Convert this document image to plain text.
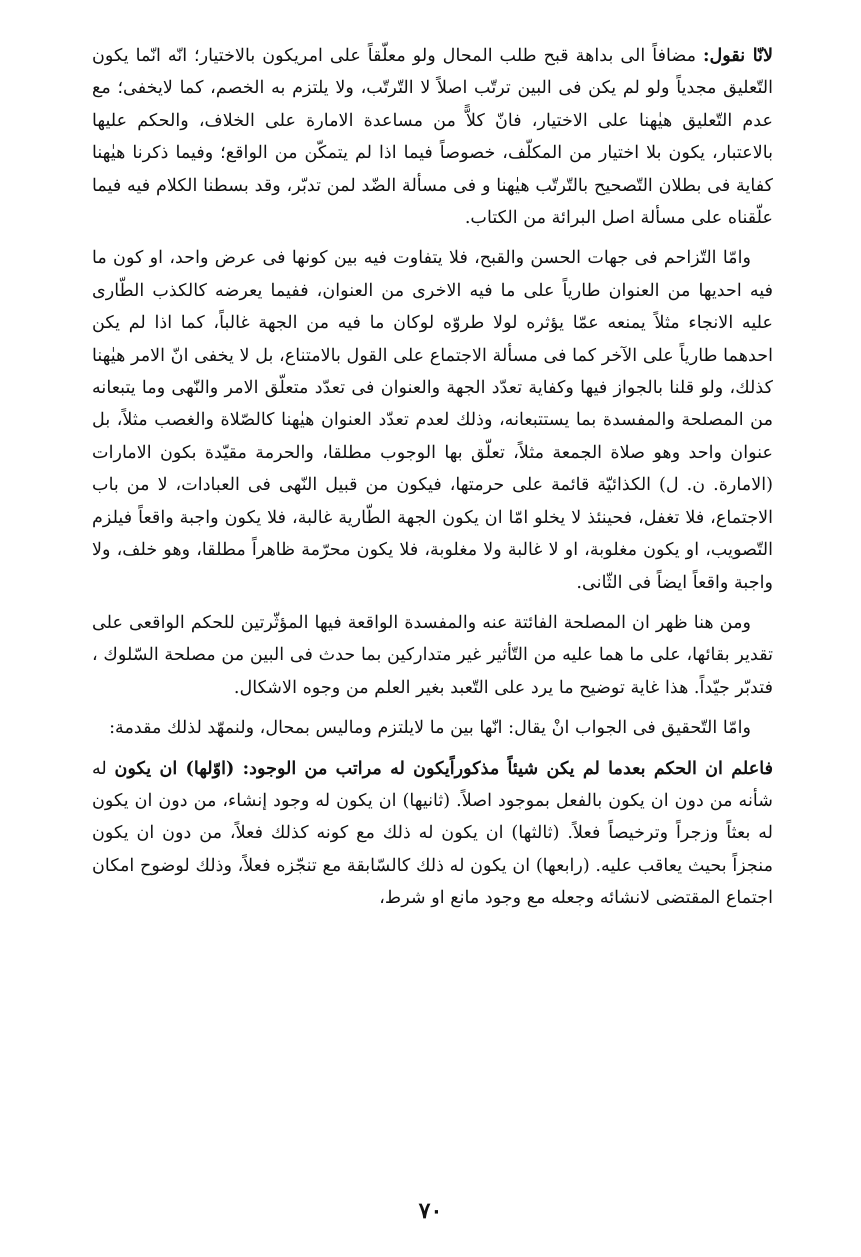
لانّا نقول: مضافاً الى بداهة قبح طلب المحال ولو معلّقاً على امريكون بالاختيار؛ انّه انّما يكون التّعليق مجدياً ولو لم يكن فى البين ترتّب اصلاً لا التّرتّب، ولا يلتزم به الخصم، كما لايخفى؛ مع عدم التّعليق هيٰهنا على الاختيار، فانّ كلاًّ من مساعدة الامارة على الخلاف، والحكم عليها بالاعتبار، يكون بلا اختيار من المكلّف، خصوصاً فيما اذا لم يتمكّن من الواقع؛ وفيما ذكرنا هيٰهنا كفاية فى بطلان التّصحيح بالتّرتّب هيٰهنا و فى مسألة الضّد لمن تدبّر، وقد بسطنا الكلام فيه فيما علّقناه على مسألة اصل البرائة من الكتاب.

وامّا التّزاحم فى جهات الحسن والقبح، فلا يتفاوت فيه بين كونها فى عرض واحد، او كون ما فيه احديها من العنوان طارياً على ما فيه الاخرى من العنوان، ففيما يعرضه كالكذب الطّارى عليه الانجاء مثلاً يمنعه عمّا يؤثره لولا طروّه لوكان ما فيه من الجهة غالباً، كما اذا لم يكن احدهما طارياً على الآخر كما فى مسألة الاجتماع على القول بالامتناع، بل لا يخفى انّ الامر هيٰهنا كذلك، ولو قلنا بالجواز فيها وكفاية تعدّد الجهة والعنوان فى تعدّد متعلّق الامر والنّهى وما يتبعانه من المصلحة والمفسدة بما يستتبعانه، وذلك لعدم تعدّد العنوان هيٰهنا كالصّلاة والغصب مثلاً، بل عنوان واحد وهو صلاة الجمعة مثلاً، تعلّق بها الوجوب مطلقا، والحرمة مقيّدة بكون الامارات (الامارة. ن. ل) الكذائيّة قائمة على حرمتها، فيكون من قبيل النّهى فى العبادات، لا من باب الاجتماع، فلا تغفل، فحينئذ لا يخلو امّا ان يكون الجهة الطّارية غالبة، فلا يكون واجبة واقعاً فيلزم التّصويب، او يكون مغلوبة، او لا غالبة ولا مغلوبة، فلا يكون محرّمة ظاهراً مطلقا، وهو خلف، ولا واجبة واقعاً ايضاً فى الثّانى.

ومن هنا ظهر ان المصلحة الفائتة عنه والمفسدة الواقعة فيها المؤثّرتين للحكم الواقعى على تقدير بقائها، على ما هما عليه من التّأثير غير متداركين بما حدث فى البين من مصلحة السّلوك ، فتدبّر جيّداً. هذا غاية توضيح ما يرد على التّعبد بغير العلم من وجوه الاشكال.

وامّا التّحقيق فى الجواب انْ يقال: انّها بين ما لايلتزم ومالیس بمحال، ولنمهّد لذلك مقدمة:

فاعلم ان الحكم بعدما لم يكن شيئاً مذكوراًيكون له مراتب من الوجود: (اوّلها) ان يكون له شأنه من دون ان يكون بالفعل بموجود اصلاً. (ثانيها) ان يكون له وجود إنشاء، من دون ان يكون له بعثاً وزجراً وترخيصاً فعلاً. (ثالثها) ان يكون له ذلك مع كونه كذلك فعلاً، من دون ان يكون منجزاً بحيث يعاقب عليه. (رابعها) ان يكون له ذلك كالسّابقة مع تنجّزه فعلاً، وذلك لوضوح امكان اجتماع المقتضى لانشائه وجعله مع وجود مانع او شرط،

۷۰
